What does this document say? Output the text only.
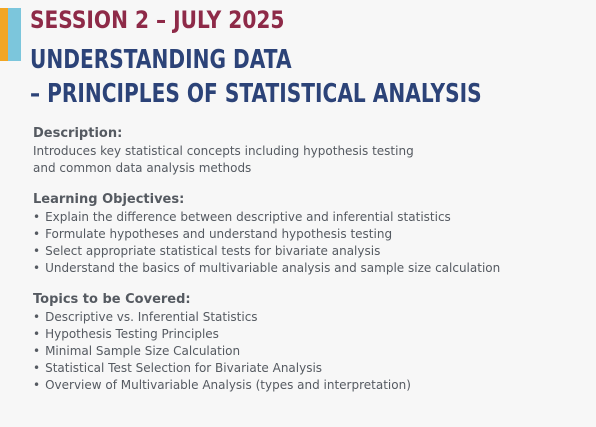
SESSION 2 – JULY 2025
UNDERSTANDING DATA
– PRINCIPLES OF STATISTICAL ANALYSIS

Description:

Introduces key statistical concepts including hypothesis testing

and common data analysis methods

Learning Objectives:

• Explain the difference between descriptive and inferential statistics
• Formulate hypotheses and understand hypothesis testing
• Select appropriate statistical tests for bivariate analysis
• Understand the basics of multivariable analysis and sample size calculation

Topics to be Covered:

• Descriptive vs. Inferential Statistics
• Hypothesis Testing Principles
• Minimal Sample Size Calculation
• Statistical Test Selection for Bivariate Analysis
• Overview of Multivariable Analysis (types and interpretation)
